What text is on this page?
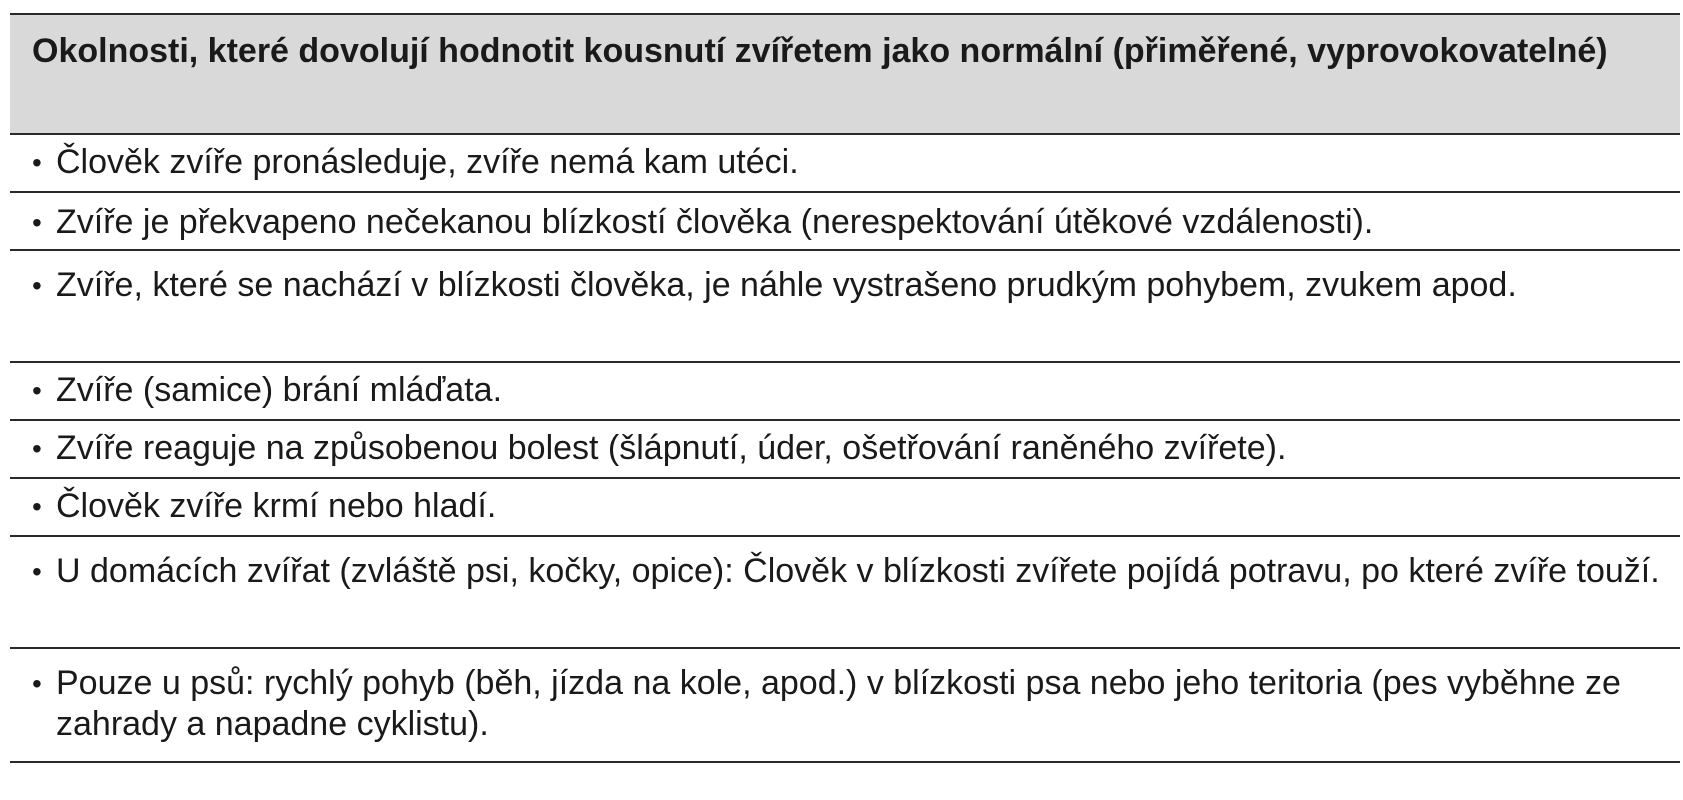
Okolnosti, které dovolují hodnotit kousnutí zvířetem jako normální (přiměřené, vyprovokovatelné)
• Člověk zvíře pronásleduje, zvíře nemá kam utéci.
• Zvíře je překvapeno nečekanou blízkostí člověka (nerespektování útěkové vzdálenosti).
• Zvíře, které se nachází v blízkosti člověka, je náhle vystrašeno prudkým pohybem, zvukem apod.
• Zvíře (samice) brání mláďata.
• Zvíře reaguje na způsobenou bolest (šlápnutí, úder, ošetřování raněného zvířete).
• Člověk zvíře krmí nebo hladí.
• U domácích zvířat (zvláště psi, kočky, opice): Člověk v blízkosti zvířete pojídá potravu, po které zvíře touží.
• Pouze u psů: rychlý pohyb (běh, jízda na kole, apod.) v blízkosti psa nebo jeho teritoria (pes vyběhne ze zahrady a napadne cyklistu).
